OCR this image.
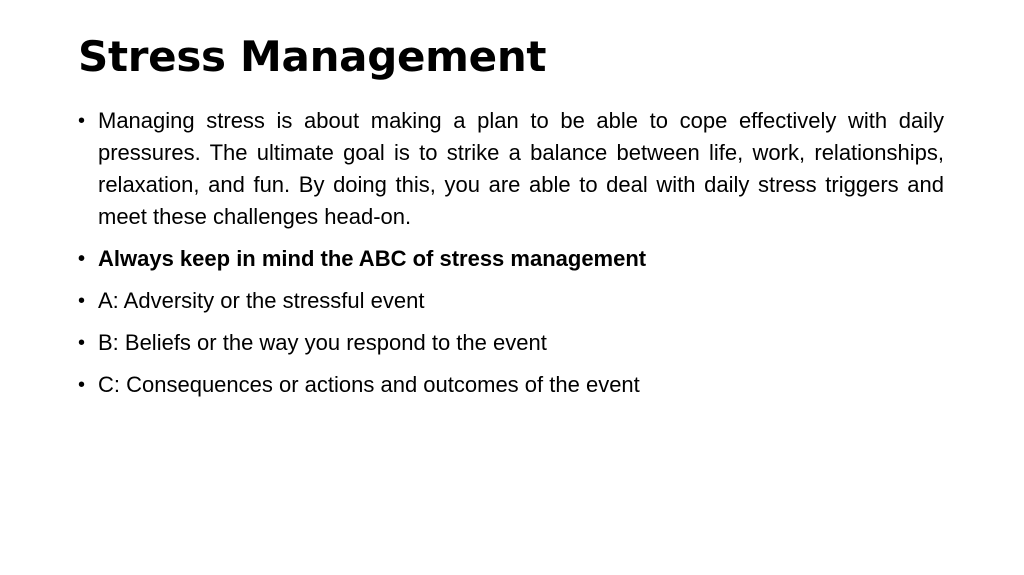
Stress Management
• Managing stress is about making a plan to be able to cope effectively with daily pressures. The ultimate goal is to strike a balance between life, work, relationships, relaxation, and fun. By doing this, you are able to deal with daily stress triggers and meet these challenges head-on.
• Always keep in mind the ABC of stress management
• A: Adversity or the stressful event
• B: Beliefs or the way you respond to the event
• C: Consequences or actions and outcomes of the event
